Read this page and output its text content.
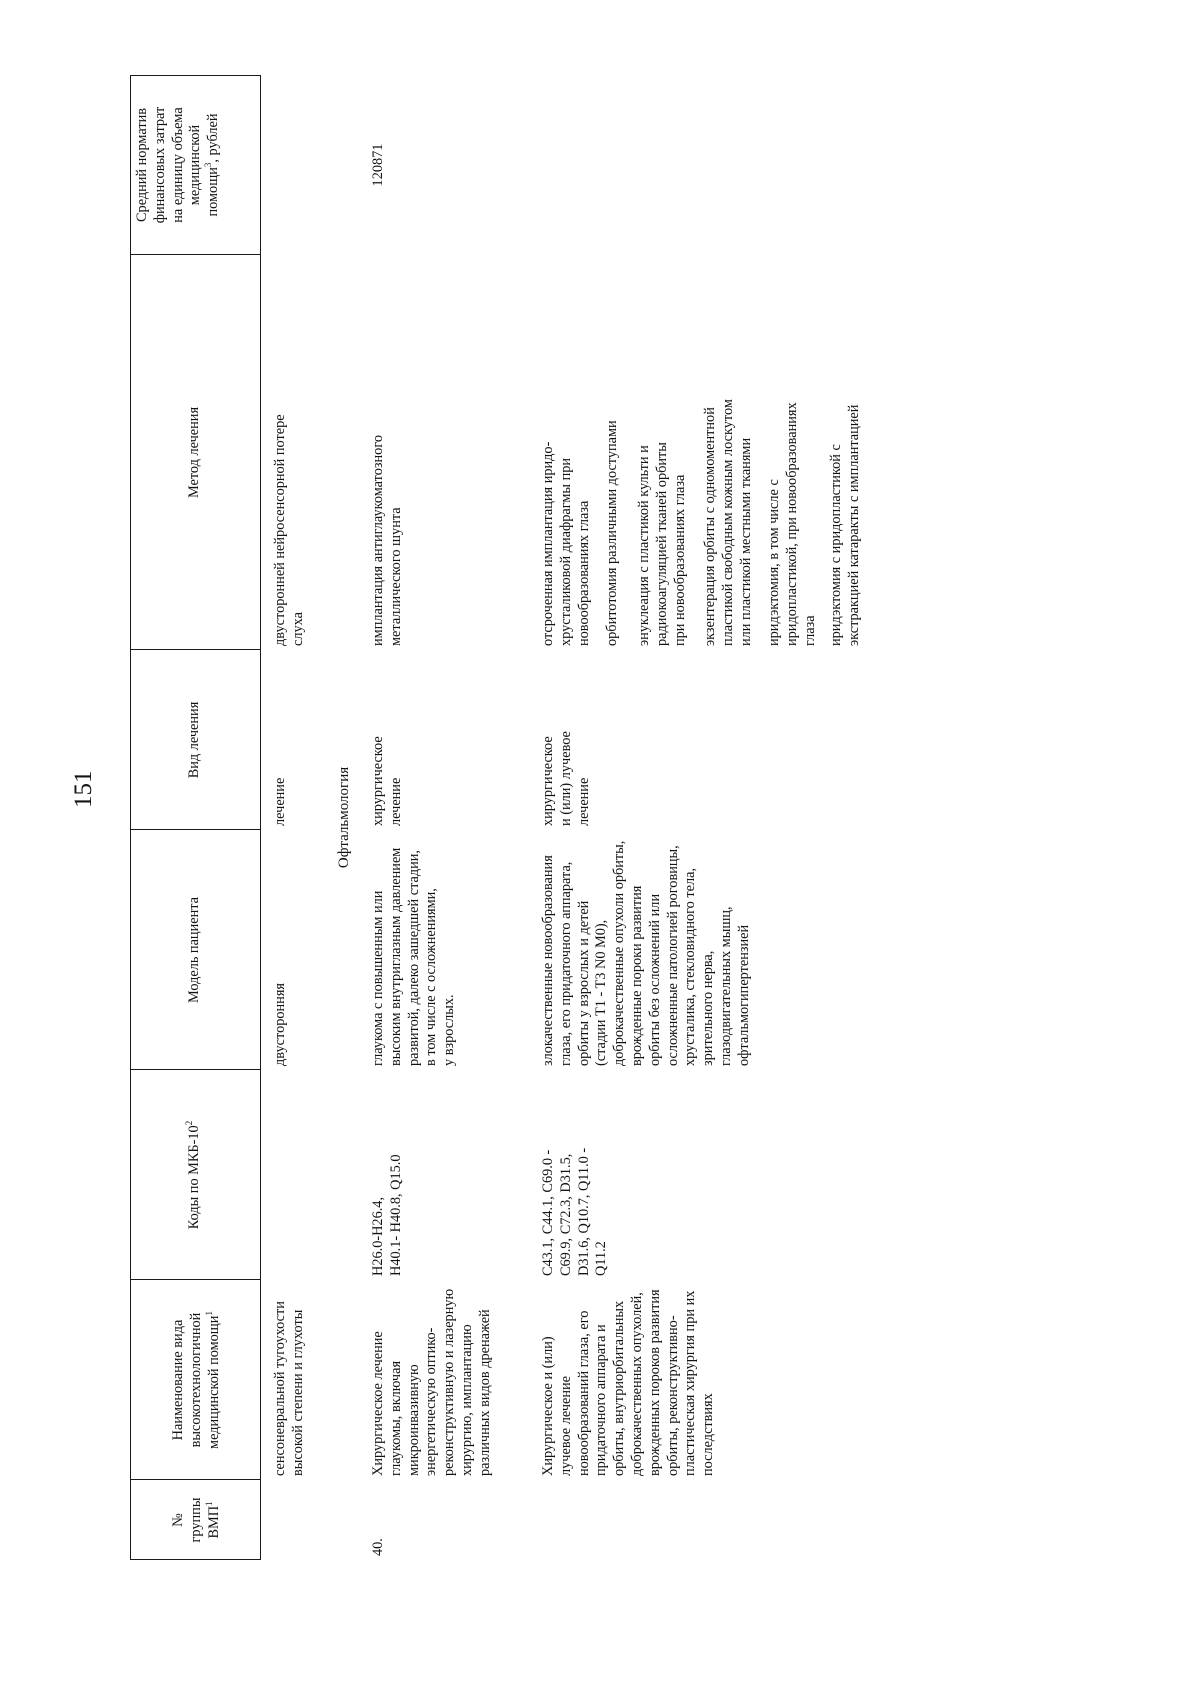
151
№
группы
ВМП$^1$
Наименование вида
высокотехнологичной
медицинской помощи$^1$
Коды по МКБ-$10^2$
Модель пациента
Вид лечения
Метод лечения
Средний норматив
финансовых затрат
на единицу объема
медицинской
помощи$^3$, рублей
сенсоневральной тугоухости
высокой степени и глухоты
двусторонняя
лечение
двусторонней нейросенсорной потере
слуха
Офтальмология
40.
Хирургическое лечение
глаукомы, включая
микроинвазивную
энергетическую оптико-
реконструктивную и лазерную
хирургию, имплантацию
различных видов дренажей
H26.0-H26.4,
H40.1- H40.8, Q15.0
глаукома с повышенным или
высоким внутриглазным давлением
развитой, далеко зашедшей стадии,
в том числе с осложнениями,
у взрослых.
хирургическое
лечение
имплантация антиглаукоматозного
металлического шунта
120871
Хирургическое и (или)
лучевое лечение
новообразований глаза, его
придаточного аппарата и
орбиты, внутриорбитальных
доброкачественных опухолей,
врожденных пороков развития
орбиты, реконструктивно-
пластическая хирургия при их
последствиях
C43.1, C44.1, C69.0 -
C69.9, C72.3, D31.5,
D31.6, Q10.7, Q11.0 -
Q11.2
злокачественные новообразования
глаза, его придаточного аппарата,
орбиты у взрослых и детей
(стадии T1 - T3 N0 M0),
доброкачественные опухоли орбиты,
врожденные пороки развития
орбиты без осложнений или
осложненные патологией роговицы,
хрусталика, стекловидного тела,
зрительного нерва,
глазодвигательных мышц,
офтальмогипертензией
хирургическое
и (или) лучевое
лечение
отсроченная имплантация иридо-
хрусталиковой диафрагмы при
новообразованиях глаза орбитотомия различными доступами энуклеация с пластикой культи и
радиокоагуляцией тканей орбиты
при новообразованиях глаза
экзентерация орбиты с одномоментной
пластикой свободным кожным лоскутом
или пластикой местными тканями
иридэктомия, в том числе с
иридопластикой, при новообразованиях
глаза иридэктомия с иридопластикой с
экстракцией катаракты с имплантацией
